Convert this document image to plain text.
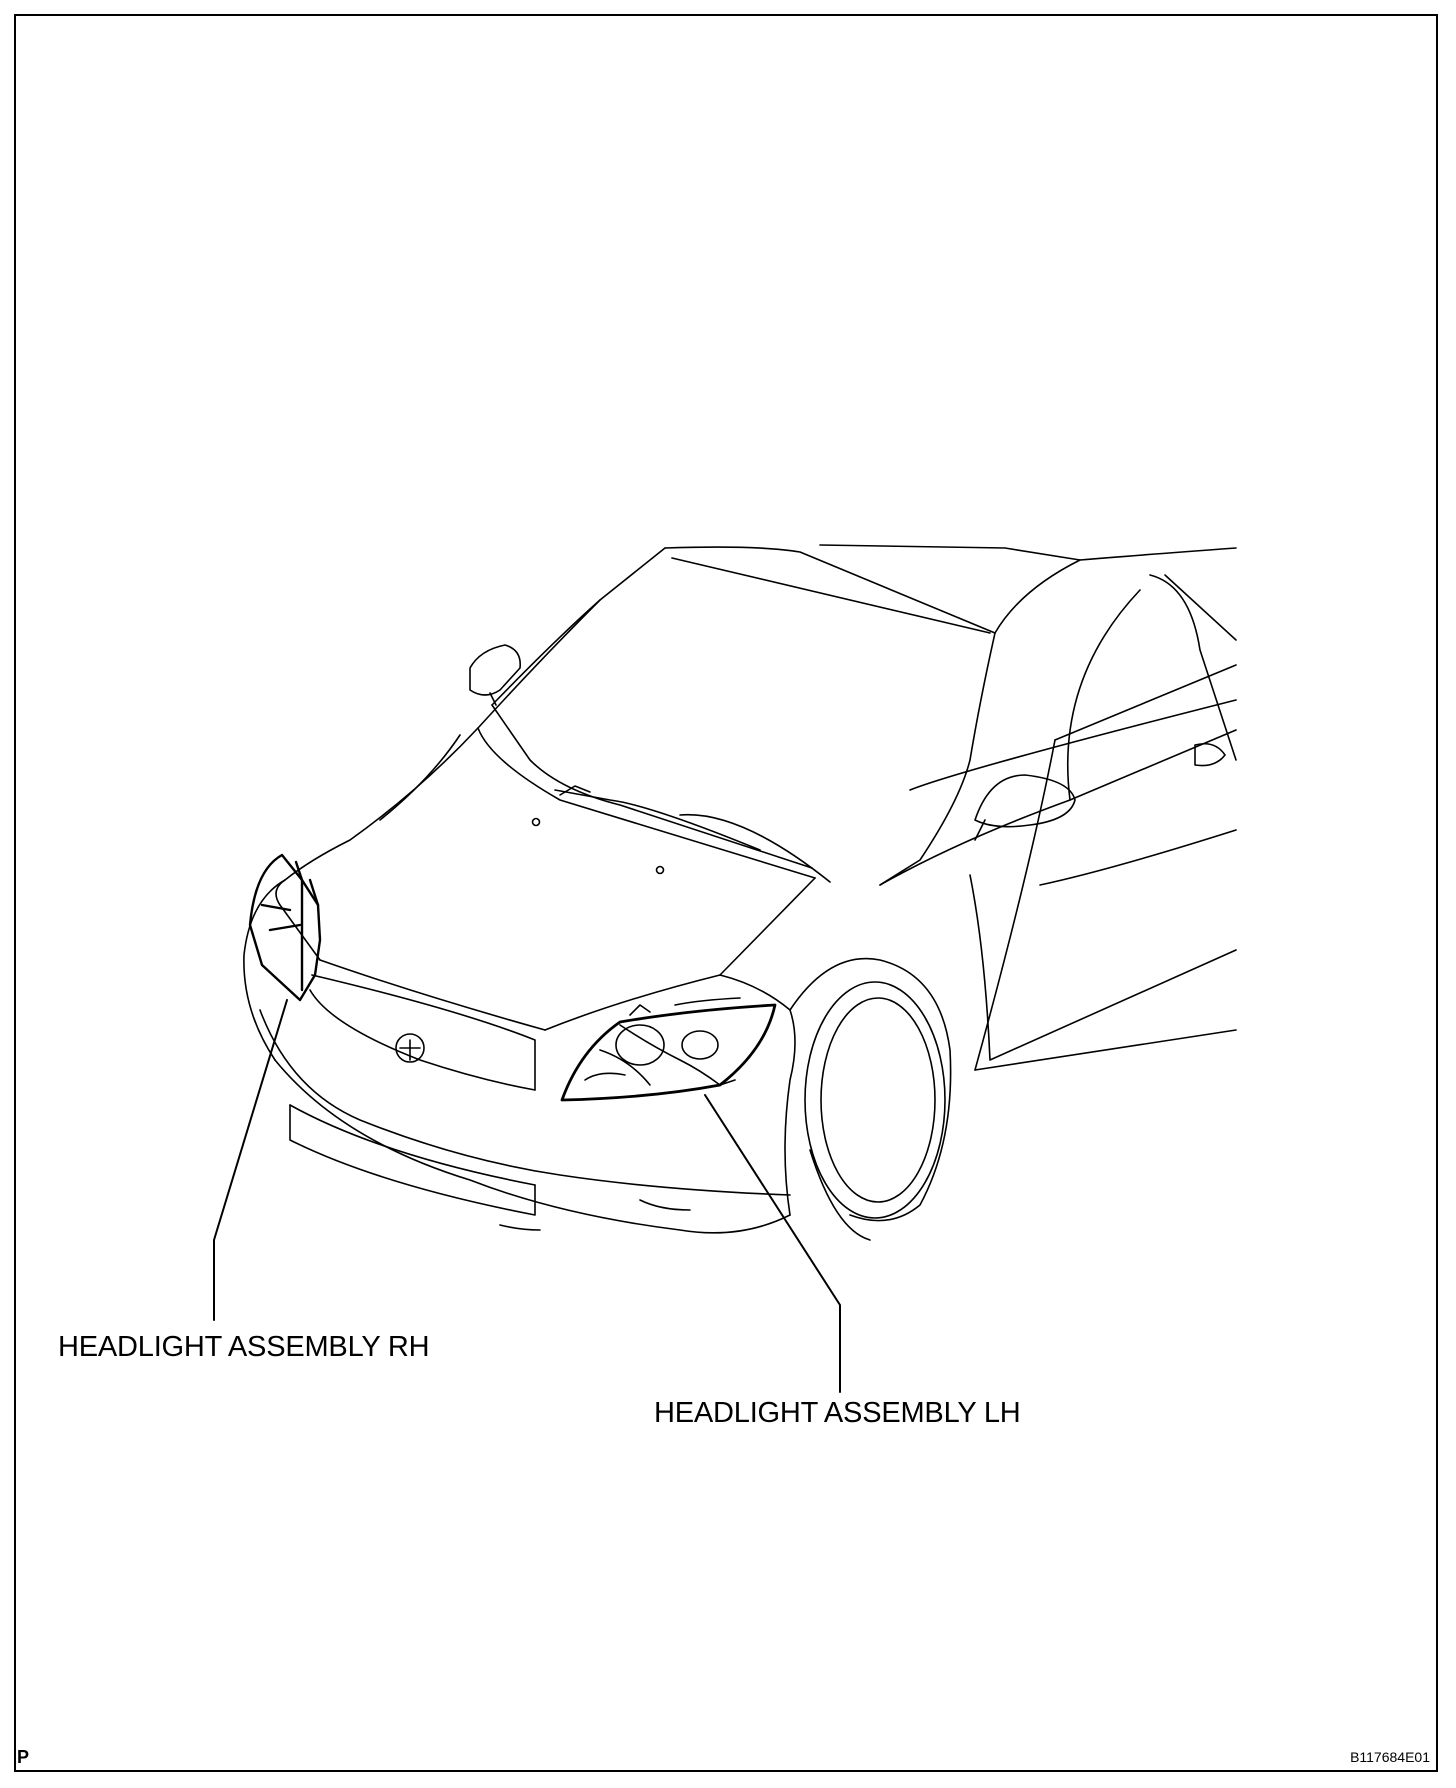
HEADLIGHT ASSEMBLY RH
HEADLIGHT ASSEMBLY LH
P	B117684E01
